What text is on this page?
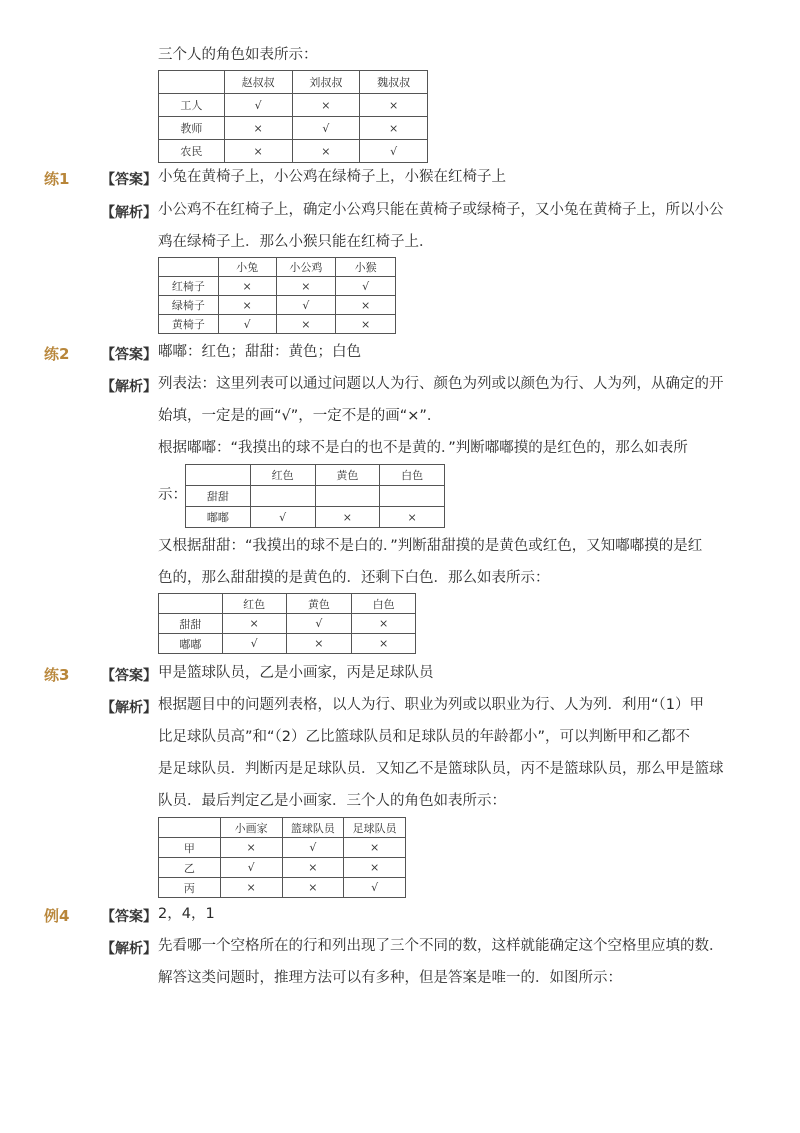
三个人的角色如表所示：
	赵叔叔	刘叔叔	魏叔叔
工人	√	×	×
教师	×	√	×
农民	×	×	√
练1 【答案】 小兔在黄椅子上，小公鸡在绿椅子上，小猴在红椅子上
【解析】 小公鸡不在红椅子上，确定小公鸡只能在黄椅子或绿椅子，又小兔在黄椅子上，所以小公
鸡在绿椅子上．那么小猴只能在红椅子上．
	小兔	小公鸡	小猴
红椅子	×	×	√
绿椅子	×	√	×
黄椅子	√	×	×
练2 【答案】 嘟嘟：红色；甜甜：黄色；白色
【解析】 列表法：这里列表可以通过问题以人为行、颜色为列或以颜色为行、人为列，从确定的开
始填，一定是的画“√”，一定不是的画“×”．
根据嘟嘟：“我摸出的球不是白的也不是黄的．”判断嘟嘟摸的是红色的，那么如表所
示：
	红色	黄色	白色
甜甜			
嘟嘟	√	×	×
又根据甜甜：“我摸出的球不是白的．”判断甜甜摸的是黄色或红色，又知嘟嘟摸的是红
色的，那么甜甜摸的是黄色的．还剩下白色．那么如表所示：
	红色	黄色	白色
甜甜	×	√	×
嘟嘟	√	×	×
练3 【答案】 甲是篮球队员，乙是小画家，丙是足球队员
【解析】 根据题目中的问题列表格，以人为行、职业为列或以职业为行、人为列．利用“（1）甲
比足球队员高”和“（2）乙比篮球队员和足球队员的年龄都小”，可以判断甲和乙都不
是足球队员．判断丙是足球队员．又知乙不是篮球队员，丙不是篮球队员，那么甲是篮球
队员．最后判定乙是小画家．三个人的角色如表所示：
	小画家	篮球队员	足球队员
甲	×	√	×
乙	√	×	×
丙	×	×	√
例4 【答案】 2，4，1
【解析】 先看哪一个空格所在的行和列出现了三个不同的数，这样就能确定这个空格里应填的数．
解答这类问题时，推理方法可以有多种，但是答案是唯一的．如图所示：
